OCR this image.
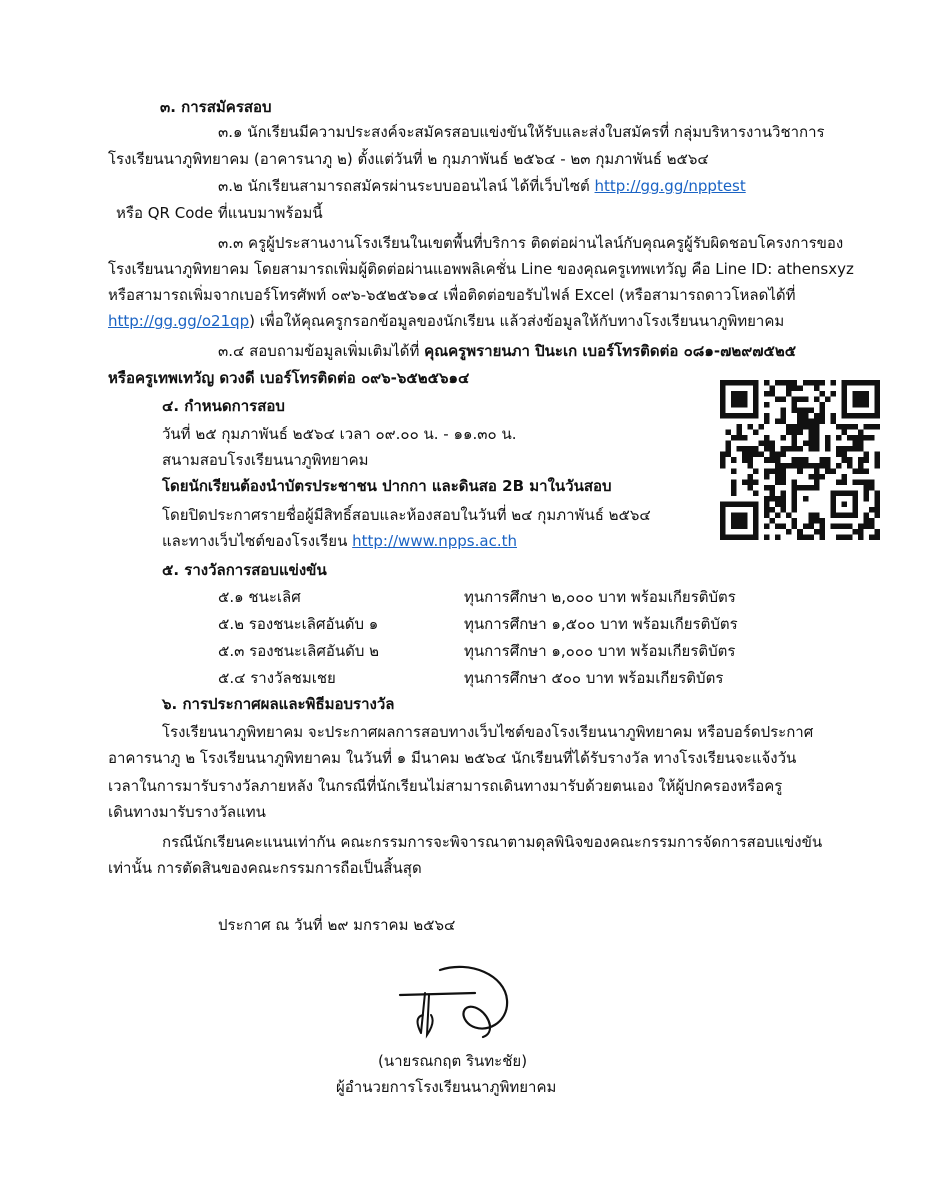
๓. การสมัครสอบ
๓.๑ นักเรียนมีความประสงค์จะสมัครสอบแข่งขันให้รับและส่งใบสมัครที่ กลุ่มบริหารงานวิชาการ
โรงเรียนนาภูพิทยาคม (อาคารนาภู ๒) ตั้งแต่วันที่ ๒ กุมภาพันธ์ ๒๕๖๔ - ๒๓ กุมภาพันธ์ ๒๕๖๔
๓.๒ นักเรียนสามารถสมัครผ่านระบบออนไลน์ ได้ที่เว็บไซต์ http://gg.gg/npptest
หรือ QR Code ที่แนบมาพร้อมนี้
๓.๓ ครูผู้ประสานงานโรงเรียนในเขตพื้นที่บริการ ติดต่อผ่านไลน์กับคุณครูผู้รับผิดชอบโครงการของ
โรงเรียนนาภูพิทยาคม โดยสามารถเพิ่มผู้ติดต่อผ่านแอพพลิเคชั่น Line ของคุณครูเทพเทวัญ คือ Line ID: athensxyz
หรือสามารถเพิ่มจากเบอร์โทรศัพท์ ๐๙๖-๖๕๒๕๖๑๔ เพื่อติดต่อขอรับไฟล์ Excel (หรือสามารถดาวโหลดได้ที่
http://gg.gg/o21qp) เพื่อให้คุณครูกรอกข้อมูลของนักเรียน แล้วส่งข้อมูลให้กับทางโรงเรียนนาภูพิทยาคม
๓.๔ สอบถามข้อมูลเพิ่มเติมได้ที่ คุณครูพรายนภา ปินะเก เบอร์โทรติดต่อ ๐๘๑-๗๒๙๗๕๒๕
หรือครูเทพเทวัญ ดวงดี เบอร์โทรติดต่อ ๐๙๖-๖๕๒๕๖๑๔
๔. กำหนดการสอบ
วันที่ ๒๕ กุมภาพันธ์ ๒๕๖๔ เวลา ๐๙.๐๐ น. - ๑๑.๓๐ น.
สนามสอบโรงเรียนนาภูพิทยาคม
โดยนักเรียนต้องนำบัตรประชาชน ปากกา และดินสอ 2B มาในวันสอบ
โดยปิดประกาศรายชื่อผู้มีสิทธิ์สอบและห้องสอบในวันที่ ๒๔ กุมภาพันธ์ ๒๕๖๔
และทางเว็บไซต์ของโรงเรียน http://www.npps.ac.th
๕. รางวัลการสอบแข่งขัน
๕.๑ ชนะเลิศ	ทุนการศึกษา ๒,๐๐๐ บาท พร้อมเกียรติบัตร
๕.๒ รองชนะเลิศอันดับ ๑	ทุนการศึกษา ๑,๕๐๐ บาท พร้อมเกียรติบัตร
๕.๓ รองชนะเลิศอันดับ ๒	ทุนการศึกษา ๑,๐๐๐ บาท พร้อมเกียรติบัตร
๕.๔ รางวัลชมเชย	ทุนการศึกษา ๕๐๐ บาท พร้อมเกียรติบัตร
๖. การประกาศผลและพิธีมอบรางวัล
โรงเรียนนาภูพิทยาคม จะประกาศผลการสอบทางเว็บไซต์ของโรงเรียนนาภูพิทยาคม หรือบอร์ดประกาศ
อาคารนาภู ๒ โรงเรียนนาภูพิทยาคม ในวันที่ ๑ มีนาคม ๒๕๖๔ นักเรียนที่ได้รับรางวัล ทางโรงเรียนจะแจ้งวัน
เวลาในการมารับรางวัลภายหลัง ในกรณีที่นักเรียนไม่สามารถเดินทางมารับด้วยตนเอง ให้ผู้ปกครองหรือครู
เดินทางมารับรางวัลแทน
กรณีนักเรียนคะแนนเท่ากัน คณะกรรมการจะพิจารณาตามดุลพินิจของคณะกรรมการจัดการสอบแข่งขัน
เท่านั้น การตัดสินของคณะกรรมการถือเป็นสิ้นสุด
ประกาศ ณ วันที่ ๒๙ มกราคม ๒๕๖๔
(นายรณกฤต รินทะชัย)
ผู้อำนวยการโรงเรียนนาภูพิทยาคม
